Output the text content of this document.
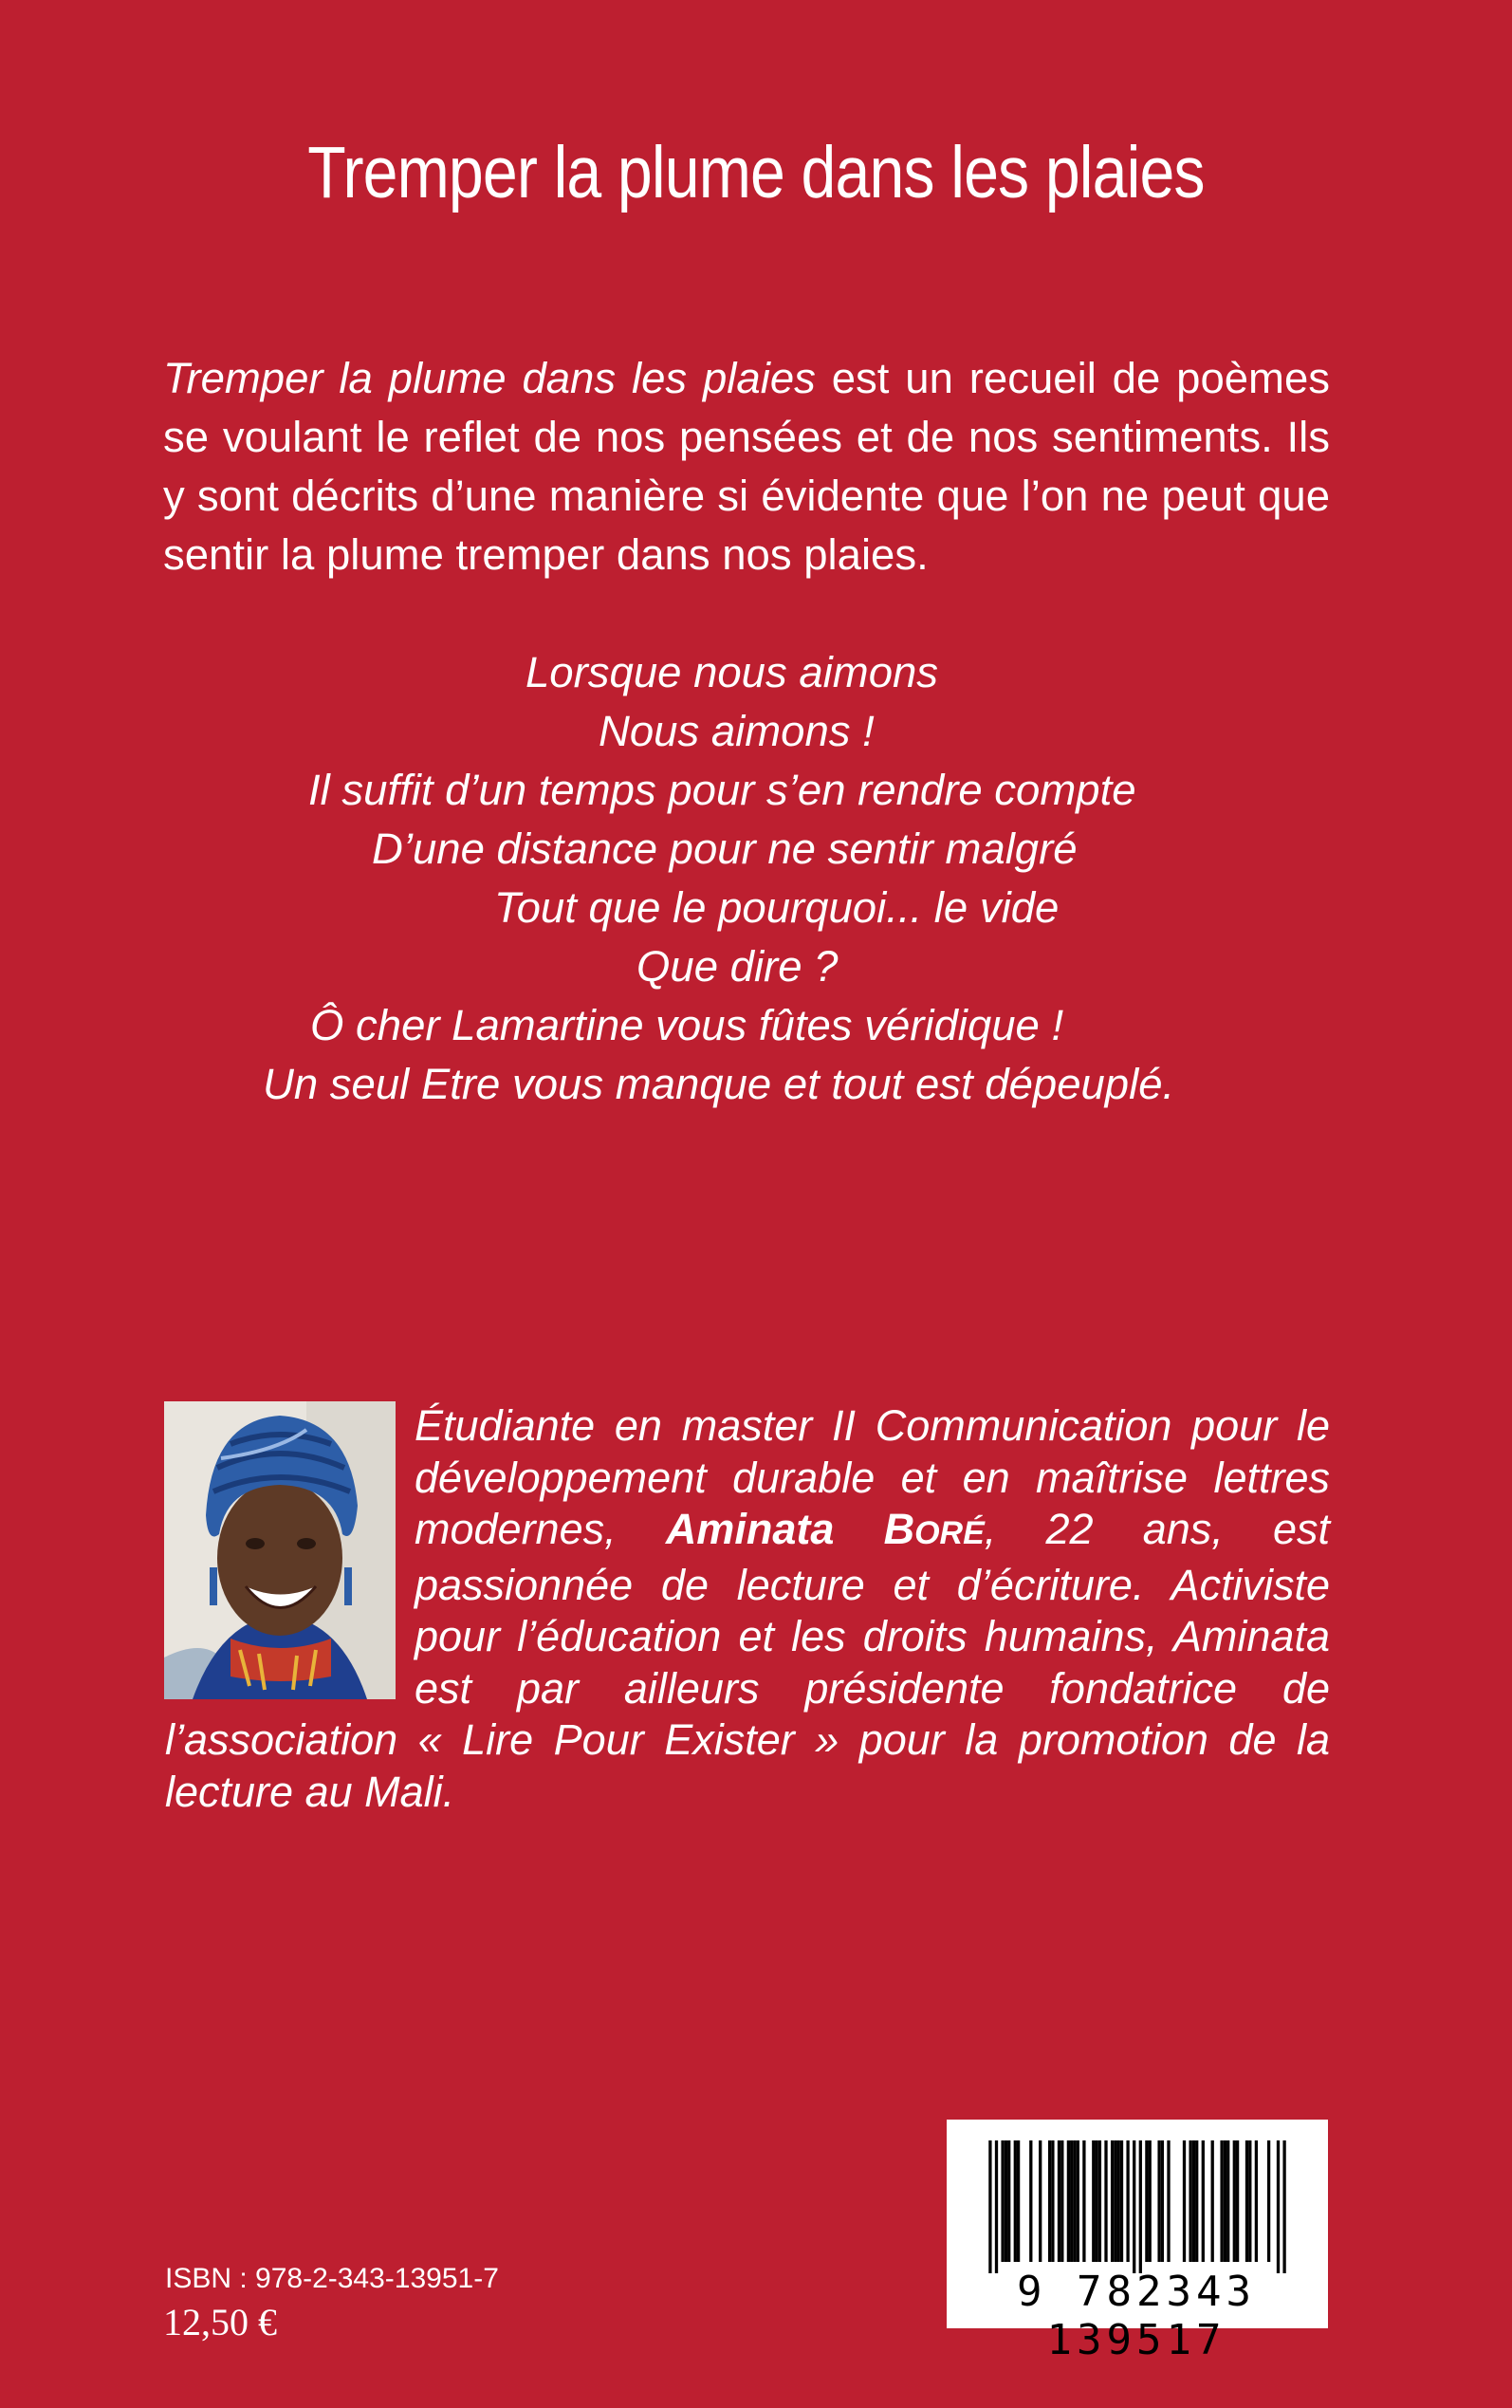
Tremper la plume dans les plaies
Tremper la plume dans les plaies est un recueil de poèmes se voulant le reflet de nos pensées et de nos sentiments. Ils y sont décrits d’une manière si évidente que l’on ne peut que sentir la plume tremper dans nos plaies.
Lorsque nous aimons
Nous aimons !
Il suffit d’un temps pour s’en rendre compte
D’une distance pour ne sentir malgré
Tout que le pourquoi... le vide
Que dire ?
Ô cher Lamartine vous fûtes véridique !
Un seul Etre vous manque et tout est dépeuplé.
Étudiante en master II Communication pour le développement durable et en maîtrise lettres modernes, Aminata BORÉ, 22 ans, est passionnée de lecture et d’écriture. Activiste pour l’éducation et les droits humains, Aminata est par ailleurs présidente fondatrice de l’association « Lire Pour Exister » pour la promotion de la lecture au Mali.
ISBN : 978-2-343-13951-7
12,50 €
9 782343 139517
